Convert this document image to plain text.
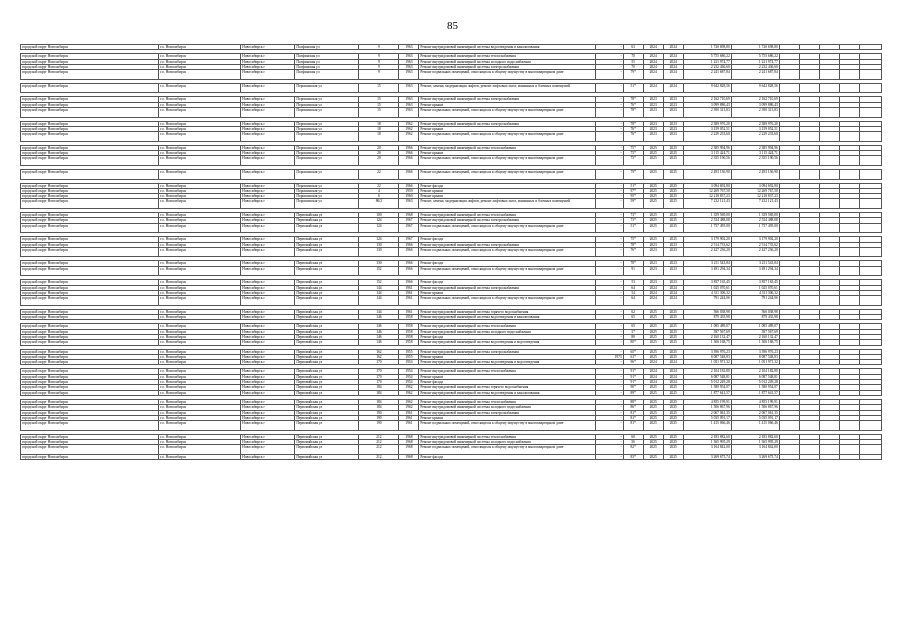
85
городской округ Новосибирск	г.о. Новосибирск	Новосибирск г	Полфинская ул	9	1963	Ремонт внутридомовой инженерной системы водоотведения и канализования	-	63	2024	2024	1 720 698,80	1 720 698,80					

городской округ Новосибирск	г.о. Новосибирск	Новосибирск г	Полфинская ул	9	1963	Ремонт внутридомовой инженерной системы теплоснабжения	-	70	2024	2024	5 755 686,22	5 755 686,22					
городской округ Новосибирск	г.о. Новосибирск	Новосибирск г	Полфинская ул	9	1963	Ремонт внутридомовой инженерной системы холодного водоснабжения	-	55	2024	2024	1 221 974,77	1 221 974,77					
городской округ Новосибирск	г.о. Новосибирск	Новосибирск г	Полфинская ул	9	1963	Ремонт внутридомовой инженерной системы электроснабжения	-	70	2024	2024	2 232 436,60	2 232 436,60					
городской округ Новосибирск	г.о. Новосибирск	Новосибирск г	Полфинская ул	9	1963	Ремонт подвальных помещений, относящихся к общему имуществу в многоквартирном доме	-	79*	2024	2024	2 241 687,84	2 241 687,84					

городской округ Новосибирск	г.о. Новосибирск	Новосибирск г	Порошинская ул	15	1963	Ремонт, замена, модернизация лифтов, ремонт лифтовых шахт, машинных и блочных помещений	-	51*	2024	2024	9 642 828,56	9 642 828,56					

городской округ Новосибирск	г.о. Новосибирск	Новосибирск г	Порошинская ул	15	1963	Ремонт внутридомовой инженерной системы электроснабжения	-	78*	2023	2023	2 162 710,69	2 162 710,69					
городской округ Новосибирск	г.о. Новосибирск	Новосибирск г	Порошинская ул	15	1963	Ремонт крыши	-	76*	2023	2023	3 099 886,43	3 099 886,43					
городской округ Новосибирск	г.о. Новосибирск	Новосибирск г	Порошинская ул	15	1963	Ремонт подвальных помещений, относящихся к общему имуществу в многоквартирном доме	-	78*	2023	2023	2 390 313,83	2 390 313,83					

городской округ Новосибирск	г.о. Новосибирск	Новосибирск г	Порошинская ул	18	1962	Ремонт внутридомовой инженерной системы электроснабжения	-	78*	2023	2023	2 389 976,20	2 389 976,20					
городской округ Новосибирск	г.о. Новосибирск	Новосибирск г	Порошинская ул	18	1962	Ремонт крыши	-	76*	2023	2023	3 159 052,51	3 159 052,51					
городской округ Новосибирск	г.о. Новосибирск	Новосибирск г	Порошинская ул	18	1962	Ремонт подвальных помещений, относящихся к общему имуществу в многоквартирном доме	-	76*	2023	2023	2 229 233,60	2 229 233,60					

городской округ Новосибирск	г.о. Новосибирск	Новосибирск г	Порошинская ул	20	1966	Ремонт внутридомовой инженерной системы теплоснабжения	-	75*	2025	2025	2 385 994,96	2 385 994,96					
городской округ Новосибирск	г.о. Новосибирск	Новосибирск г	Порошинская ул	20	1966	Ремонт крыши	-	75*	2025	2025	3 115 424,71	3 115 424,71					
городской округ Новосибирск	г.о. Новосибирск	Новосибирск г	Порошинская ул	20	1966	Ремонт подвальных помещений, относящихся к общему имуществу в многоквартирном доме	-	75*	2025	2025	2 355 190,56	2 355 190,56					

городской округ Новосибирск	г.о. Новосибирск	Новосибирск г	Порошинская ул	22	1966	Ремонт подвальных помещений, относящихся к общему имуществу в многоквартирном доме	-	79*	2025	2025	2 493 136,90	2 493 136,90					

городской округ Новосибирск	г.о. Новосибирск	Новосибирск г	Порошинская ул	22	1966	Ремонт фасада	-	51*	2025	2025	3 094 692,80	3 094 692,80					
городской округ Новосибирск	г.о. Новосибирск	Новосибирск г	Порошинская ул	4	1959	Ремонт крыши	-	97*	2025	2025	12 269 767,50	12 269 767,50					
городской округ Новосибирск	г.о. Новосибирск	Новосибирск г	Порошинская ул	6	1960	Ремонт крыши	-	95*	2025	2025	12 218 837,23	12 218 837,23					
городской округ Новосибирск	г.о. Новосибирск	Новосибирск г	Порошинская ул	86/2	1963	Ремонт, замена, модернизация лифтов, ремонт лифтовых шахт, машинных и блочных помещений	-	59*	2025	2025	7 232 121,43	7 232 121,43					

городской округ Новосибирск	г.о. Новосибирск	Новосибирск г	Первомайская ул	100	1968	Ремонт внутридомовой инженерной системы теплоснабжения	-	73*	2025	2025	1 359 569,00	1 359 569,00					
городской округ Новосибирск	г.о. Новосибирск	Новосибирск г	Первомайская ул	124	1967	Ремонт внутридомовой инженерной системы электроснабжения	-	73*	2025	2025	2 534 488,08	2 534 488,08					
городской округ Новосибирск	г.о. Новосибирск	Новосибирск г	Первомайская ул	124	1967	Ремонт подвальных помещений, относящихся к общему имуществу в многоквартирном доме	-	51*	2025	2025	1 757 495,00	1 757 495,00					

городской округ Новосибирск	г.о. Новосибирск	Новосибирск г	Первомайская ул	124	1967	Ремонт фасада	-	75*	2025	2025	3 179 902,20	3 179 902,20					
городской округ Новосибирск	г.о. Новосибирск	Новосибирск г	Первомайская ул	130	1966	Ремонт внутридомовой инженерной системы электроснабжения	-	78*	2023	2023	2 514 733,62	2 514 733,62					
городской округ Новосибирск	г.о. Новосибирск	Новосибирск г	Первомайская ул	130	1966	Ремонт подвальных помещений, относящихся к общему имуществу в многоквартирном доме	-	76*	2023	2023	2 427 236,20	2 427 236,20					

городской округ Новосибирск	г.о. Новосибирск	Новосибирск г	Первомайская ул	130	1966	Ремонт фасада	-	78*	2023	2023	3 211 543,84	3 211 543,84					
городской округ Новосибирск	г.о. Новосибирск	Новосибирск г	Первомайская ул	152	1966	Ремонт подвальных помещений, относящихся к общему имуществу в многоквартирном доме	-	91	2023	2023	3 491 294,34	3 491 294,34					

городской округ Новосибирск	г.о. Новосибирск	Новосибирск г	Первомайская ул	152	1966	Ремонт фасада	-	53	2023	2023	3 857 165,45	3 857 165,45					
городской округ Новосибирск	г.о. Новосибирск	Новосибирск г	Первомайская ул	144	1961	Ремонт внутридомовой инженерной системы электроснабжения	-	64	2024	2024	1 025 070,61	1 025 070,61					
городской округ Новосибирск	г.о. Новосибирск	Новосибирск г	Первомайская ул	144	1961	Ремонт крыши	-	54	2024	2024	4 311 306,32	4 311 306,32					
городской округ Новосибирск	г.о. Новосибирск	Новосибирск г	Первомайская ул	144	1961	Ремонт подвальных помещений, относящихся к общему имуществу в многоквартирном доме	-	64	2024	2024	791 244,06	791 244,06					

городской округ Новосибирск	г.о. Новосибирск	Новосибирск г	Первомайская ул	144	1961	Ремонт внутридомовой инженерной системы горячего водоснабжения	-	62	2025	2025	566 038,98	566 038,98					
городской округ Новосибирск	г.о. Новосибирск	Новосибирск г	Первомайская ул	146	1958	Ремонт внутридомовой инженерной системы водоотведения и канализования	-	65	2025	2025	879 435,98	879 435,98					

городской округ Новосибирск	г.о. Новосибирск	Новосибирск г	Первомайская ул	146	1958	Ремонт внутридомовой инженерной системы теплоснабжения	-	65	2025	2025	1 085 489,07	1 085 489,07					
городской округ Новосибирск	г.о. Новосибирск	Новосибирск г	Первомайская ул	146	1958	Ремонт внутридомовой инженерной системы холодного водоснабжения	-	57	2025	2025	397 567,69	397 567,69					
городской округ Новосибирск	г.о. Новосибирск	Новосибирск г	Первомайская ул	146	1958	Ремонт фасада	-	80	2025	2025	2 160 132,47	2 160 132,47					
городской округ Новосибирск	г.о. Новосибирск	Новосибирск г	Первомайская ул	146	1958	Ремонт внутридомовой инженерной системы водоотведения и водоотведения	-	80*	2025	2025	1 306 168,75	1 306 168,75					

городской округ Новосибирск	г.о. Новосибирск	Новосибирск г	Первомайская ул	162	1955	Ремонт внутридомовой инженерной системы электроснабжения	-	65*	2025	2025	3 396 976,23	3 396 976,23					
городской округ Новосибирск	г.о. Новосибирск	Новосибирск г	Первомайская ул	162	1955	Ремонт крыши	1973	61*	2025	2025	8 087 548,83	8 087 548,83					
городской округ Новосибирск	г.о. Новосибирск	Новосибирск г	Первомайская ул	170	1954	Ремонт внутридомовой инженерной системы водоотведения и водоотведения	-	96*	2024	2024	1 051 971,32	1 051 971,32					

городской округ Новосибирск	г.о. Новосибирск	Новосибирск г	Первомайская ул	170	1954	Ремонт внутридомовой инженерной системы теплоснабжения	-	91*	2024	2024	2 104 182,80	2 104 182,80					
городской округ Новосибирск	г.о. Новосибирск	Новосибирск г	Первомайская ул	170	1954	Ремонт крыши	-	91*	2024	2024	6 087 548,81	6 087 548,81					
городской округ Новосибирск	г.о. Новосибирск	Новосибирск г	Первомайская ул	170	1954	Ремонт фасада	-	91*	2024	2024	5 012 249,28	5 012 249,28					
городской округ Новосибирск	г.о. Новосибирск	Новосибирск г	Первомайская ул	184	1962	Ремонт внутридомовой инженерной системы горячего водоснабжения	-	90*	2025	2025	1 580 954,07	1 580 954,07					
городской округ Новосибирск	г.о. Новосибирск	Новосибирск г	Первомайская ул	184	1962	Ремонт внутридомовой инженерной системы водоотведения и канализования	-	89*	2025	2025	1 877 641,57	1 877 641,57					

городской округ Новосибирск	г.о. Новосибирск	Новосибирск г	Первомайская ул	184	1962	Ремонт внутридомовой инженерной системы теплоснабжения	-	88*	2025	2025	4 855 199,91	4 855 199,91					
городской округ Новосибирск	г.о. Новосибирск	Новосибирск г	Первомайская ул	184	1962	Ремонт внутридомовой инженерной системы холодного водоснабжения	-	86*	2025	2025	1 506 867,96	1 506 867,96					
городской округ Новосибирск	г.о. Новосибирск	Новосибирск г	Первомайская ул	190	1961	Ремонт внутридомовой инженерной системы электроснабжения	-	81*	2025	2025	2 067 061,35	2 067 061,35					
городской округ Новосибирск	г.о. Новосибирск	Новосибирск г	Первомайская ул	190	1961	Ремонт крыши	-	81*	2025	2025	5 035 091,17	5 035 091,17					
городской округ Новосибирск	г.о. Новосибирск	Новосибирск г	Первомайская ул	190	1961	Ремонт подвальных помещений, относящихся к общему имуществу в многоквартирном доме	-	81*	2025	2025	1 415 066,46	1 415 066,46					

городской округ Новосибирск	г.о. Новосибирск	Новосибирск г	Первомайская ул	212	1968	Ремонт внутридомовой инженерной системы теплоснабжения	-	60	2025	2025	2 183 882,60	2 183 882,60					
городской округ Новосибирск	г.о. Новосибирск	Новосибирск г	Первомайская ул	212	1968	Ремонт внутридомовой инженерной системы холодного водоснабжения	-	56	2025	2025	1 365 995,29	1 365 995,29					
городской округ Новосибирск	г.о. Новосибирск	Новосибирск г	Первомайская ул	212	1968	Ремонт подвальных помещений, относящихся к общему имуществу в многоквартирном доме	-	82*	2025	2025	3 164 842,00	3 164 842,00					
городской округ Новосибирск	г.о. Новосибирск	Новосибирск г	Первомайская ул	212	1968	Ремонт фасада	-	83*	2025	2025	3 269 675,74	3 269 675,74					
